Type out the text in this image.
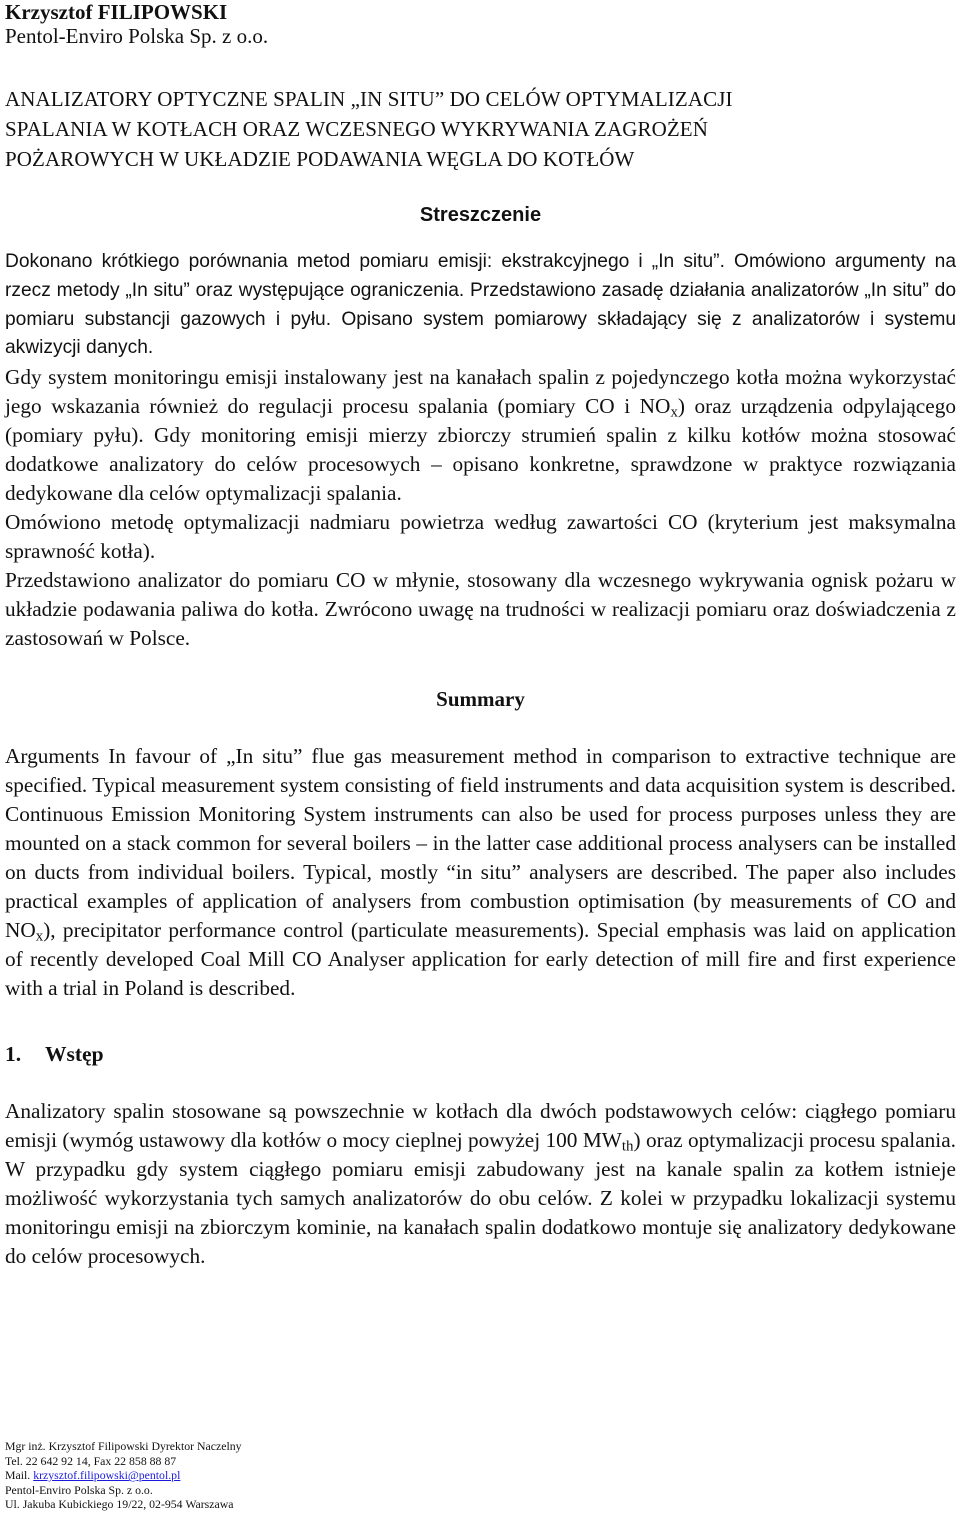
Krzysztof FILIPOWSKI
Pentol-Enviro Polska Sp. z o.o.
ANALIZATORY OPTYCZNE SPALIN „IN SITU” DO CELÓW OPTYMALIZACJI
SPALANIA W KOTŁACH ORAZ WCZESNEGO WYKRYWANIA ZAGROŻEŃ
POŻAROWYCH W UKŁADZIE PODAWANIA WĘGLA DO KOTŁÓW
Streszczenie

Dokonano krótkiego porównania metod pomiaru emisji: ekstrakcyjnego i „In situ”. Omówiono argumenty na rzecz metody „In situ” oraz występujące ograniczenia. Przedstawiono zasadę działania analizatorów „In situ” do pomiaru substancji gazowych i pyłu. Opisano system pomiarowy składający się z analizatorów i systemu akwizycji danych.

Gdy system monitoringu emisji instalowany jest na kanałach spalin z pojedynczego kotła można wykorzystać jego wskazania również do regulacji procesu spalania (pomiary CO i $NO_x$) oraz urządzenia odpylającego (pomiary pyłu). Gdy monitoring emisji mierzy zbiorczy strumień spalin z kilku kotłów można stosować dodatkowe analizatory do celów procesowych – opisano konkretne, sprawdzone w praktyce rozwiązania dedykowane dla celów optymalizacji spalania.

Omówiono metodę optymalizacji nadmiaru powietrza według zawartości CO (kryterium jest maksymalna sprawność kotła).

Przedstawiono analizator do pomiaru CO w młynie, stosowany dla wczesnego wykrywania ognisk pożaru w układzie podawania paliwa do kotła. Zwrócono uwagę na trudności w realizacji pomiaru oraz doświadczenia z zastosowań w Polsce.

Summary

Arguments In favour of „In situ” flue gas measurement method in comparison to extractive technique are specified. Typical measurement system consisting of field instruments and data acquisition system is described. Continuous Emission Monitoring System instruments can also be used for process purposes unless they are mounted on a stack common for several boilers – in the latter case additional process analysers can be installed on ducts from individual boilers. Typical, mostly “in situ” analysers are described. The paper also includes practical examples of application of analysers from combustion optimisation (by measurements of CO and $NO_x$), precipitator performance control (particulate measurements). Special emphasis was laid on application of recently developed Coal Mill CO Analyser application for early detection of mill fire and first experience with a trial in Poland is described.

1. Wstęp

Analizatory spalin stosowane są powszechnie w kotłach dla dwóch podstawowych celów: ciągłego pomiaru emisji (wymóg ustawowy dla kotłów o mocy cieplnej powyżej 100 $MW_{th}$) oraz optymalizacji procesu spalania. W przypadku gdy system ciągłego pomiaru emisji zabudowany jest na kanale spalin za kotłem istnieje możliwość wykorzystania tych samych analizatorów do obu celów. Z kolei w przypadku lokalizacji systemu monitoringu emisji na zbiorczym kominie, na kanałach spalin dodatkowo montuje się analizatory dedykowane do celów procesowych.

Mgr inż. Krzysztof Filipowski Dyrektor Naczelny
Tel. 22 642 92 14, Fax 22 858 88 87
Mail. krzysztof.filipowski@pentol.pl
Pentol-Enviro Polska Sp. z o.o.
Ul. Jakuba Kubickiego 19/22, 02-954 Warszawa
